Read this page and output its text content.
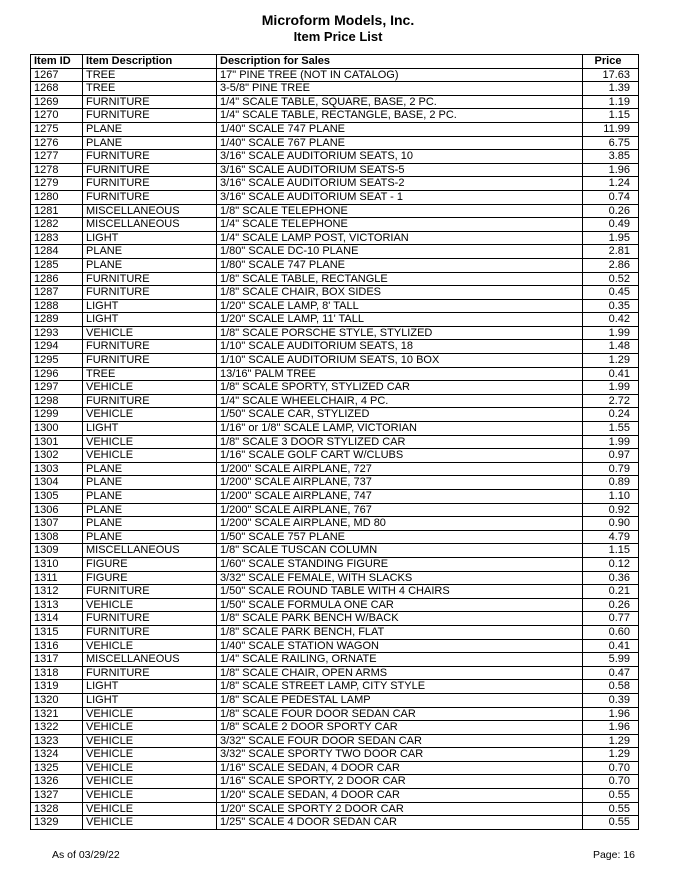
Microform Models, Inc.
Item Price List
Item ID	Item Description	Description for Sales	Price
1267	TREE	17" PINE TREE (NOT IN CATALOG)	17.63
1268	TREE	3-5/8" PINE TREE	1.39
1269	FURNITURE	1/4" SCALE TABLE, SQUARE, BASE, 2 PC.	1.19
1270	FURNITURE	1/4" SCALE TABLE, RECTANGLE, BASE, 2 PC.	1.15
1275	PLANE	1/40" SCALE 747 PLANE	11.99
1276	PLANE	1/40" SCALE 767 PLANE	6.75
1277	FURNITURE	3/16" SCALE AUDITORIUM SEATS, 10	3.85
1278	FURNITURE	3/16" SCALE AUDITORIUM SEATS-5	1.96
1279	FURNITURE	3/16" SCALE AUDITORIUM SEATS-2	1.24
1280	FURNITURE	3/16" SCALE AUDITORIUM SEAT - 1	0.74
1281	MISCELLANEOUS	1/8" SCALE TELEPHONE	0.26
1282	MISCELLANEOUS	1/4" SCALE TELEPHONE	0.49
1283	LIGHT	1/4" SCALE LAMP POST, VICTORIAN	1.95
1284	PLANE	1/80" SCALE DC-10 PLANE	2.81
1285	PLANE	1/80" SCALE 747 PLANE	2.86
1286	FURNITURE	1/8" SCALE TABLE, RECTANGLE	0.52
1287	FURNITURE	1/8" SCALE CHAIR, BOX SIDES	0.45
1288	LIGHT	1/20" SCALE LAMP, 8' TALL	0.35
1289	LIGHT	1/20" SCALE LAMP, 11' TALL	0.42
1293	VEHICLE	1/8" SCALE PORSCHE STYLE, STYLIZED	1.99
1294	FURNITURE	1/10" SCALE AUDITORIUM SEATS, 18	1.48
1295	FURNITURE	1/10" SCALE AUDITORIUM SEATS, 10 BOX	1.29
1296	TREE	13/16" PALM TREE	0.41
1297	VEHICLE	1/8" SCALE SPORTY, STYLIZED CAR	1.99
1298	FURNITURE	1/4" SCALE WHEELCHAIR, 4 PC.	2.72
1299	VEHICLE	1/50" SCALE CAR, STYLIZED	0.24
1300	LIGHT	1/16" or 1/8" SCALE LAMP, VICTORIAN	1.55
1301	VEHICLE	1/8" SCALE 3 DOOR STYLIZED CAR	1.99
1302	VEHICLE	1/16" SCALE GOLF CART W/CLUBS	0.97
1303	PLANE	1/200" SCALE AIRPLANE, 727	0.79
1304	PLANE	1/200" SCALE AIRPLANE, 737	0.89
1305	PLANE	1/200" SCALE AIRPLANE, 747	1.10
1306	PLANE	1/200" SCALE AIRPLANE, 767	0.92
1307	PLANE	1/200" SCALE AIRPLANE, MD 80	0.90
1308	PLANE	1/50" SCALE 757 PLANE	4.79
1309	MISCELLANEOUS	1/8" SCALE TUSCAN COLUMN	1.15
1310	FIGURE	1/60" SCALE STANDING FIGURE	0.12
1311	FIGURE	3/32" SCALE FEMALE, WITH SLACKS	0.36
1312	FURNITURE	1/50" SCALE ROUND TABLE WITH 4 CHAIRS	0.21
1313	VEHICLE	1/50" SCALE FORMULA ONE CAR	0.26
1314	FURNITURE	1/8" SCALE PARK BENCH W/BACK	0.77
1315	FURNITURE	1/8" SCALE PARK BENCH, FLAT	0.60
1316	VEHICLE	1/40" SCALE STATION WAGON	0.41
1317	MISCELLANEOUS	1/4" SCALE RAILING, ORNATE	5.99
1318	FURNITURE	1/8" SCALE CHAIR, OPEN ARMS	0.47
1319	LIGHT	1/8" SCALE STREET LAMP, CITY STYLE	0.58
1320	LIGHT	1/8" SCALE PEDESTAL LAMP	0.39
1321	VEHICLE	1/8" SCALE FOUR DOOR SEDAN CAR	1.96
1322	VEHICLE	1/8" SCALE 2 DOOR SPORTY CAR	1.96
1323	VEHICLE	3/32" SCALE FOUR DOOR SEDAN CAR	1.29
1324	VEHICLE	3/32" SCALE SPORTY TWO DOOR CAR	1.29
1325	VEHICLE	1/16" SCALE SEDAN, 4 DOOR CAR	0.70
1326	VEHICLE	1/16" SCALE SPORTY, 2 DOOR CAR	0.70
1327	VEHICLE	1/20" SCALE SEDAN, 4 DOOR CAR	0.55
1328	VEHICLE	1/20" SCALE SPORTY 2 DOOR CAR	0.55
1329	VEHICLE	1/25" SCALE 4 DOOR SEDAN CAR	0.55
As of 03/29/22	Page: 16
